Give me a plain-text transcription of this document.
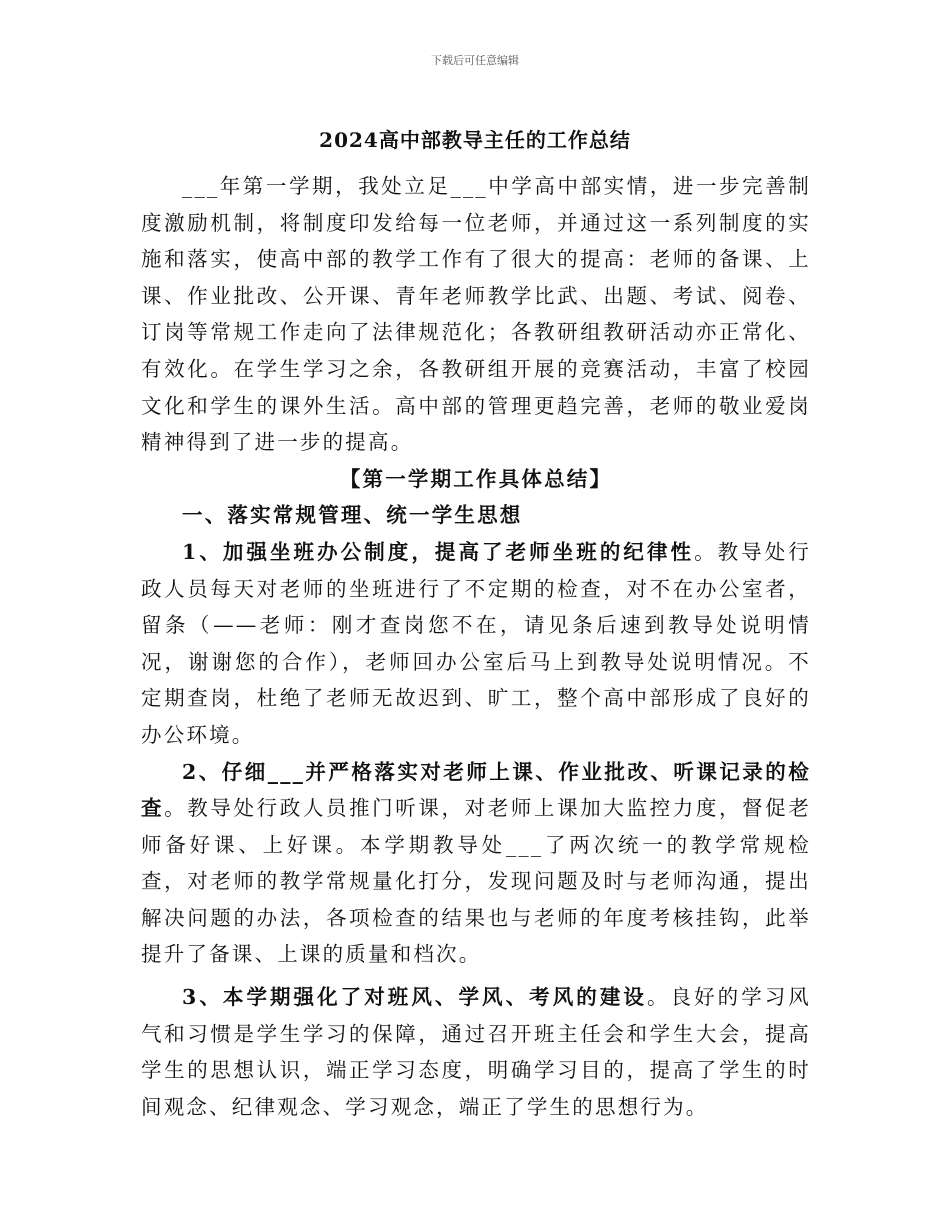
下载后可任意编辑
2024高中部教导主任的工作总结

___年第一学期，我处立足___中学高中部实情，进一步完善制度激励机制，将制度印发给每一位老师，并通过这一系列制度的实施和落实，使高中部的教学工作有了很大的提高：老师的备课、上课、作业批改、公开课、青年老师教学比武、出题、考试、阅卷、订岗等常规工作走向了法律规范化；各教研组教研活动亦正常化、有效化。在学生学习之余，各教研组开展的竞赛活动，丰富了校园文化和学生的课外生活。高中部的管理更趋完善，老师的敬业爱岗精神得到了进一步的提高。

【第一学期工作具体总结】

一、落实常规管理、统一学生思想

1、加强坐班办公制度，提高了老师坐班的纪律性。教导处行政人员每天对老师的坐班进行了不定期的检查，对不在办公室者，留条（——老师：刚才查岗您不在，请见条后速到教导处说明情况，谢谢您的合作），老师回办公室后马上到教导处说明情况。不定期查岗，杜绝了老师无故迟到、旷工，整个高中部形成了良好的办公环境。

2、仔细___并严格落实对老师上课、作业批改、听课记录的检查。教导处行政人员推门听课，对老师上课加大监控力度，督促老师备好课、上好课。本学期教导处___了两次统一的教学常规检查，对老师的教学常规量化打分，发现问题及时与老师沟通，提出解决问题的办法，各项检查的结果也与老师的年度考核挂钩，此举提升了备课、上课的质量和档次。

3、本学期强化了对班风、学风、考风的建设。良好的学习风气和习惯是学生学习的保障，通过召开班主任会和学生大会，提高学生的思想认识，端正学习态度，明确学习目的，提高了学生的时间观念、纪律观念、学习观念，端正了学生的思想行为。
